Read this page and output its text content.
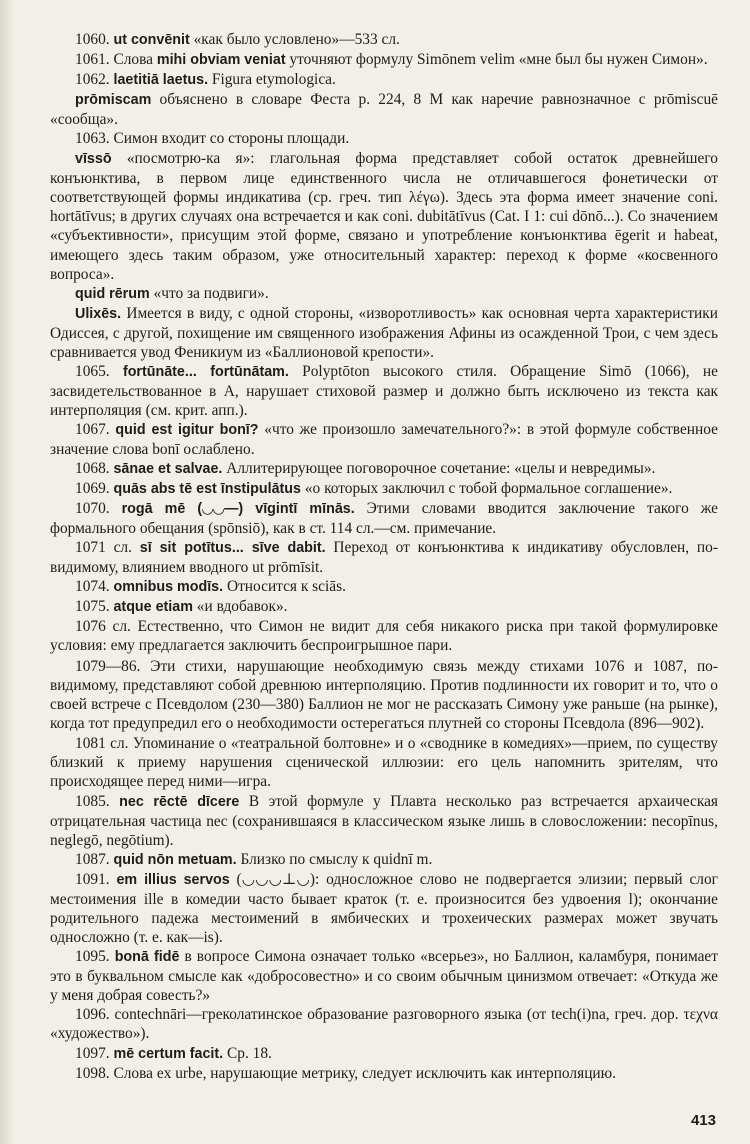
1060. ut convēnit «как было условлено»—533 сл.

1061. Слова mihi obviam veniat уточняют формулу Simōnem velim «мне был бы нужен Симон».

1062. laetitiā laetus. Figura etymologica.

prōmiscam объяснено в словаре Феста р. 224, 8 М как наречие равнозначное с prōmiscuē «сообща».

1063. Симон входит со стороны площади.

vīssō «посмотрю-ка я»: глагольная форма представляет собой остаток древнейшего конъюнктива, в первом лице единственного числа не отличавшегося фонетически от соответствующей формы индикатива (ср. греч. тип λέγω). Здесь эта форма имеет значение coni. hortātīvus; в других случаях она встречается и как coni. dubitātīvus (Cat. I 1: cui dōnō...). Со значением «субъективности», присущим этой форме, связано и употребление конъюнктива ēgerit и habeat, имеющего здесь таким образом, уже относительный характер: переход к форме «косвенного вопроса».

quid rērum «что за подвиги».

Ulixēs. Имеется в виду, с одной стороны, «изворотливость» как основная черта характеристики Одиссея, с другой, похищение им священного изображения Афины из осажденной Трои, с чем здесь сравнивается увод Феникиум из «Баллионовой крепости».

1065. fortūnāte... fortūnātam. Polyptōton высокого стиля. Обращение Simō (1066), не засвидетельствованное в А, нарушает стиховой размер и должно быть исключено из текста как интерполяция (см. крит. апп.).

1067. quid est igitur bonī? «что же произошло замечательного?»: в этой формуле собственное значение слова bonī ослаблено.

1068. sānae et salvae. Аллитерирующее поговорочное сочетание: «целы и невредимы».

1069. quās abs tē est īnstipulātus «о которых заключил с тобой формальное соглашение».

1070. rogā mē (◡◡—) vīgintī mīnās. Этими словами вводится заключение такого же формального обещания (spōnsiō), как в ст. 114 сл.—см. примечание.

1071 сл. sī sit potītus... sīve dabit. Переход от конъюнктива к индикативу обусловлен, по-видимому, влиянием вводного ut prōmīsit.

1074. omnibus modīs. Относится к sciās.

1075. atque etiam «и вдобавок».

1076 сл. Естественно, что Симон не видит для себя никакого риска при такой формулировке условия: ему предлагается заключить беспроигрышное пари.

1079—86. Эти стихи, нарушающие необходимую связь между стихами 1076 и 1087, по-видимому, представляют собой древнюю интерполяцию. Против подлинности их говорит и то, что о своей встрече с Псевдолом (230—380) Баллион не мог не рассказать Симону уже раньше (на рынке), когда тот предупредил его о необходимости остерегаться плутней со стороны Псевдола (896—902).

1081 сл. Упоминание о «театральной болтовне» и о «своднике в комедиях»—прием, по существу близкий к приему нарушения сценической иллюзии: его цель напомнить зрителям, что происходящее перед ними—игра.

1085. nec rēctē dīcere В этой формуле у Плавта несколько раз встречается архаическая отрицательная частица nec (сохранившаяся в классическом языке лишь в словосложении: necopīnus, neglegō, negōtium).

1087. quid nōn metuam. Близко по смыслу к quidnī m.

1091. em illius servos (◡◡◡⊥◡): односложное слово не подвергается элизии; первый слог местоимения ille в комедии часто бывает краток (т. е. произносится без удвоения l); окончание родительного падежа местоимений в ямбических и трохеических размерах может звучать односложно (т. е. как—is).

1095. bonā fidē в вопросе Симона означает только «всерьез», но Баллион, каламбуря, понимает это в буквальном смысле как «добросовестно» и со своим обычным цинизмом отвечает: «Откуда же у меня добрая совесть?»

1096. contechnāri—греколатинское образование разговорного языка (от tech(i)na, греч. дор. τεχνα «художество»).

1097. mē certum facit. Ср. 18.

1098. Слова ex urbe, нарушающие метрику, следует исключить как интерполяцию.

413
